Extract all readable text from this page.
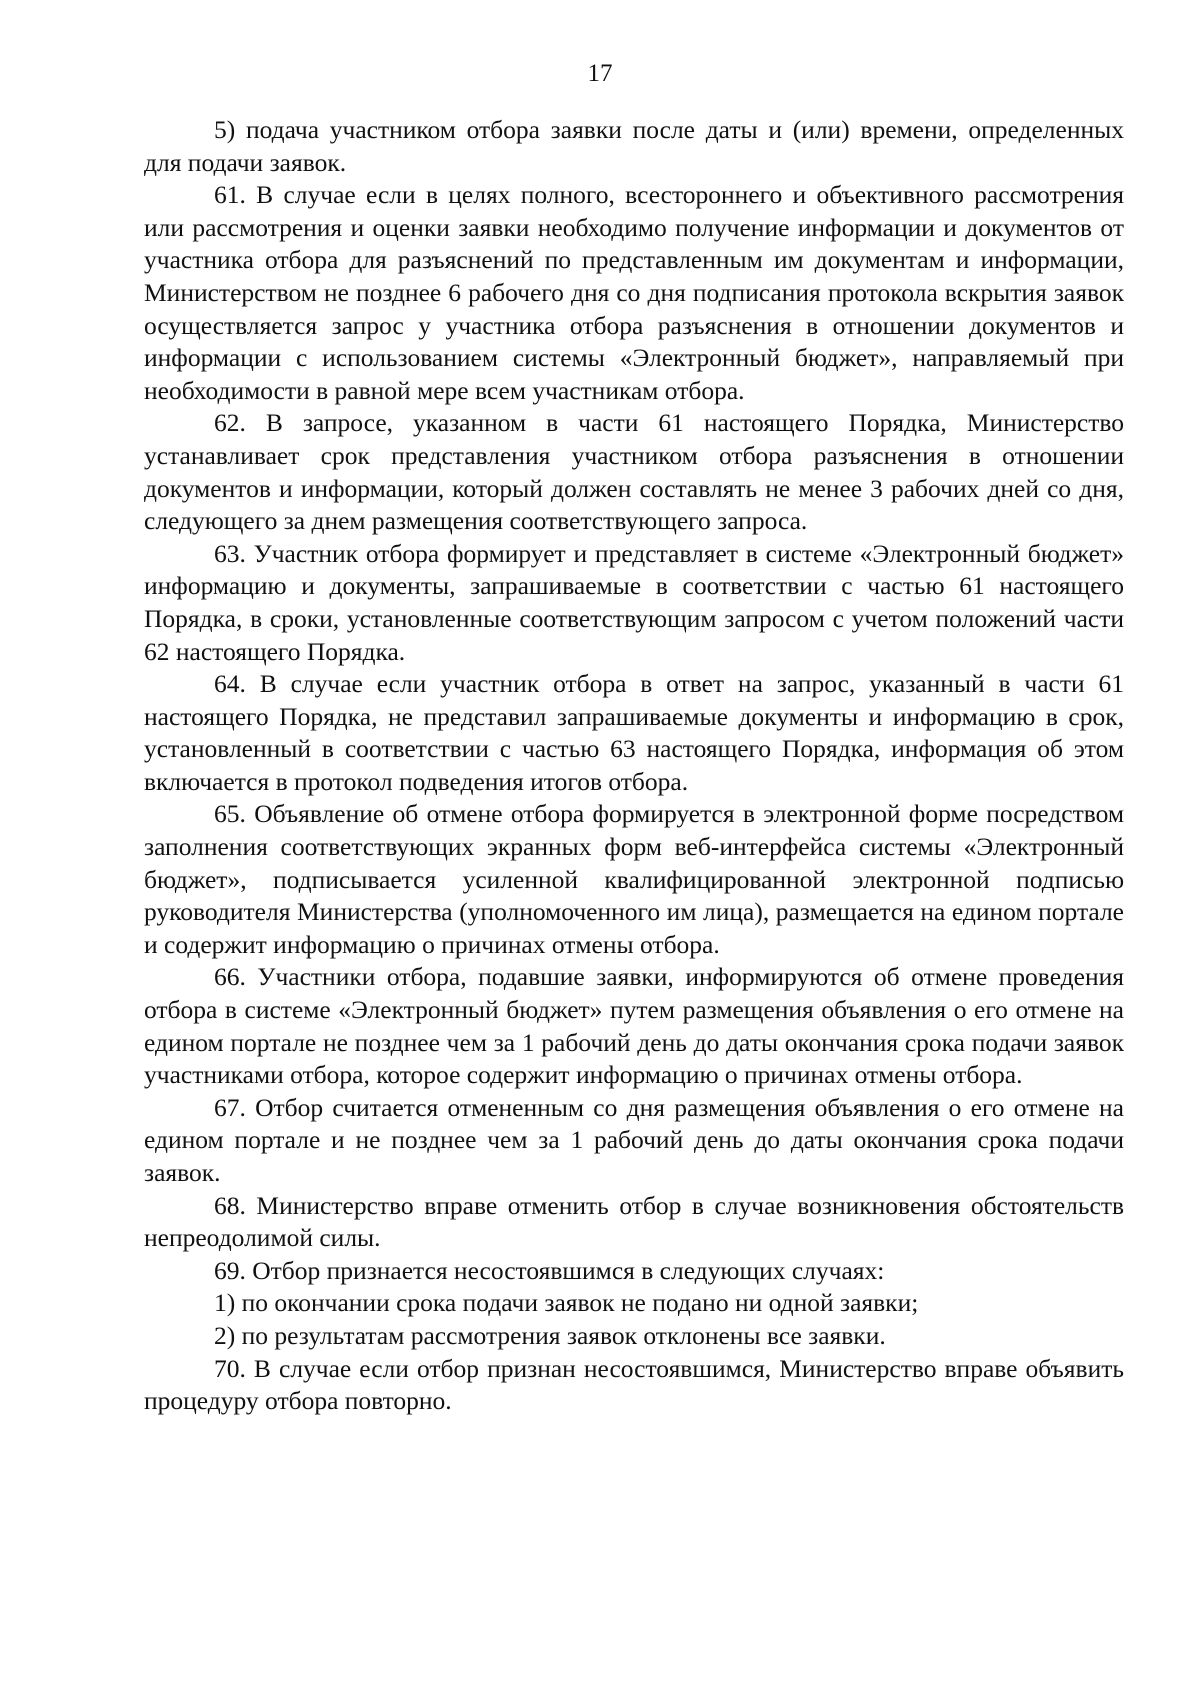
17

5) подача участником отбора заявки после даты и (или) времени, определенных для подачи заявок.

61. В случае если в целях полного, всестороннего и объективного рассмотрения или рассмотрения и оценки заявки необходимо получение информации и документов от участника отбора для разъяснений по представленным им документам и информации, Министерством не позднее 6 рабочего дня со дня подписания протокола вскрытия заявок осуществляется запрос у участника отбора разъяснения в отношении документов и информации с использованием системы «Электронный бюджет», направляемый при необходимости в равной мере всем участникам отбора.

62. В запросе, указанном в части 61 настоящего Порядка, Министерство устанавливает срок представления участником отбора разъяснения в отношении документов и информации, который должен составлять не менее 3 рабочих дней со дня, следующего за днем размещения соответствующего запроса.

63. Участник отбора формирует и представляет в системе «Электронный бюджет» информацию и документы, запрашиваемые в соответствии с частью 61 настоящего Порядка, в сроки, установленные соответствующим запросом с учетом положений части 62 настоящего Порядка.

64. В случае если участник отбора в ответ на запрос, указанный в части 61 настоящего Порядка, не представил запрашиваемые документы и информацию в срок, установленный в соответствии с частью 63 настоящего Порядка, информация об этом включается в протокол подведения итогов отбора.

65. Объявление об отмене отбора формируется в электронной форме посредством заполнения соответствующих экранных форм веб-интерфейса системы «Электронный бюджет», подписывается усиленной квалифицированной электронной подписью руководителя Министерства (уполномоченного им лица), размещается на едином портале и содержит информацию о причинах отмены отбора.

66. Участники отбора, подавшие заявки, информируются об отмене проведения отбора в системе «Электронный бюджет» путем размещения объявления о его отмене на едином портале не позднее чем за 1 рабочий день до даты окончания срока подачи заявок участниками отбора, которое содержит информацию о причинах отмены отбора.

67. Отбор считается отмененным со дня размещения объявления о его отмене на едином портале и не позднее чем за 1 рабочий день до даты окончания срока подачи заявок.

68. Министерство вправе отменить отбор в случае возникновения обстоятельств непреодолимой силы.

69. Отбор признается несостоявшимся в следующих случаях:

1) по окончании срока подачи заявок не подано ни одной заявки;

2) по результатам рассмотрения заявок отклонены все заявки.

70. В случае если отбор признан несостоявшимся, Министерство вправе объявить процедуру отбора повторно.
